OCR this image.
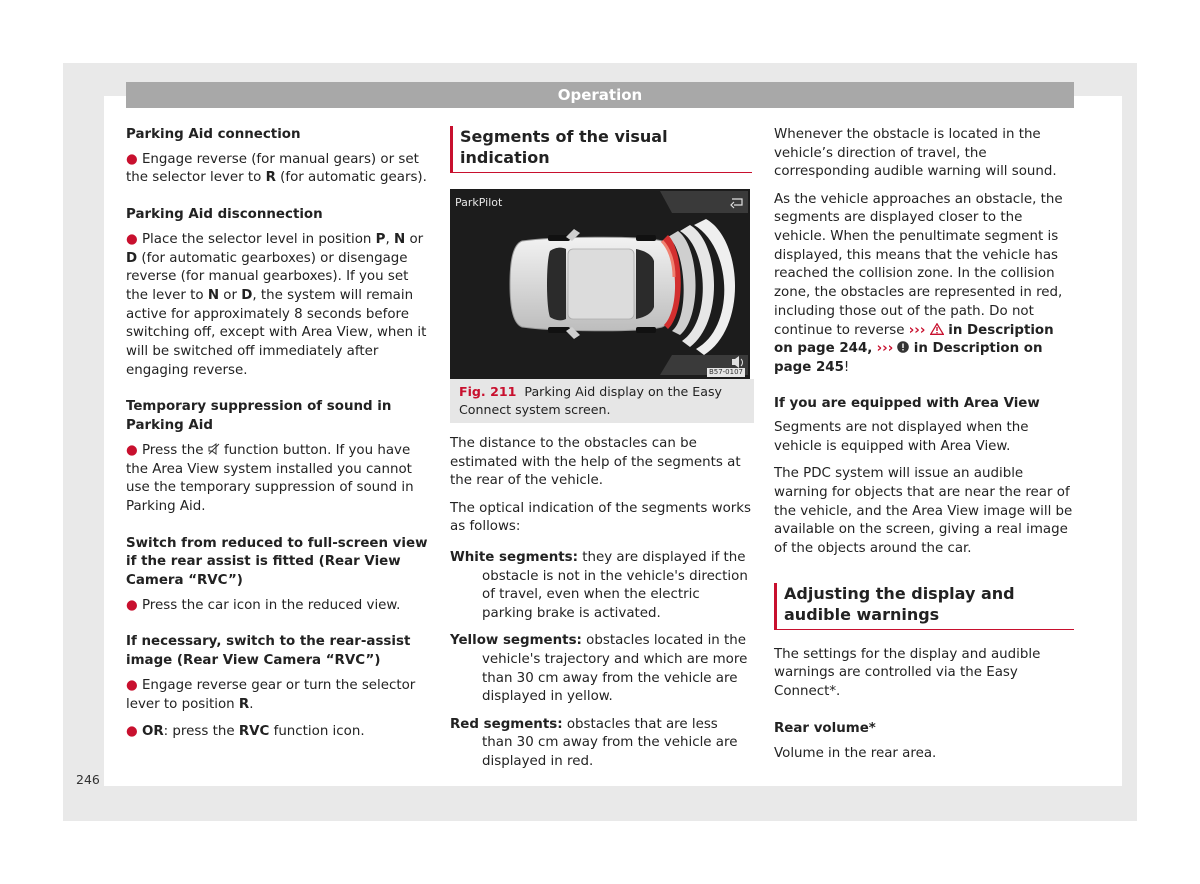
Operation

Parking Aid connection

● Engage reverse (for manual gears) or set the selector lever to R (for automatic gears).

Parking Aid disconnection

● Place the selector level in position P, N or D (for automatic gearboxes) or disengage reverse (for manual gearboxes). If you set the lever to N or D, the system will remain active for approximately 8 seconds before switching off, except with Area View, when it will be switched off immediately after engaging reverse.

Temporary suppression of sound in Parking Aid

● Press the  function button. If you have the Area View system installed you cannot use the temporary suppression of sound in Parking Aid.

Switch from reduced to full-screen view if the rear assist is fitted (Rear View Camera “RVC”)

● Press the car icon in the reduced view.

If necessary, switch to the rear-assist image (Rear View Camera “RVC”)

● Engage reverse gear or turn the selector lever to position R.

● OR: press the RVC function icon.

Segments of the visual indication
ParkPilot
B57-0107
Fig. 211 Parking Aid display on the Easy Connect system screen.

The distance to the obstacles can be estimated with the help of the segments at the rear of the vehicle.

The optical indication of the segments works as follows:

White segments: they are displayed if the obstacle is not in the vehicle's direction of travel, even when the electric parking brake is activated.

Yellow segments: obstacles located in the vehicle's trajectory and which are more than 30 cm away from the vehicle are displayed in yellow.

Red segments: obstacles that are less than 30 cm away from the vehicle are displayed in red.

Whenever the obstacle is located in the vehicle’s direction of travel, the corresponding audible warning will sound.

As the vehicle approaches an obstacle, the segments are displayed closer to the vehicle. When the penultimate segment is displayed, this means that the vehicle has reached the collision zone. In the collision zone, the obstacles are represented in red, including those out of the path. Do not continue to reverse ›››  in Description on page 244, ››› in Description on page 245!

If you are equipped with Area View

Segments are not displayed when the vehicle is equipped with Area View.

The PDC system will issue an audible warning for objects that are near the rear of the vehicle, and the Area View image will be available on the screen, giving a real image of the objects around the car.

Adjusting the display and audible warnings

The settings for the display and audible warnings are controlled via the Easy Connect*.

Rear volume*

Volume in the rear area.

246
